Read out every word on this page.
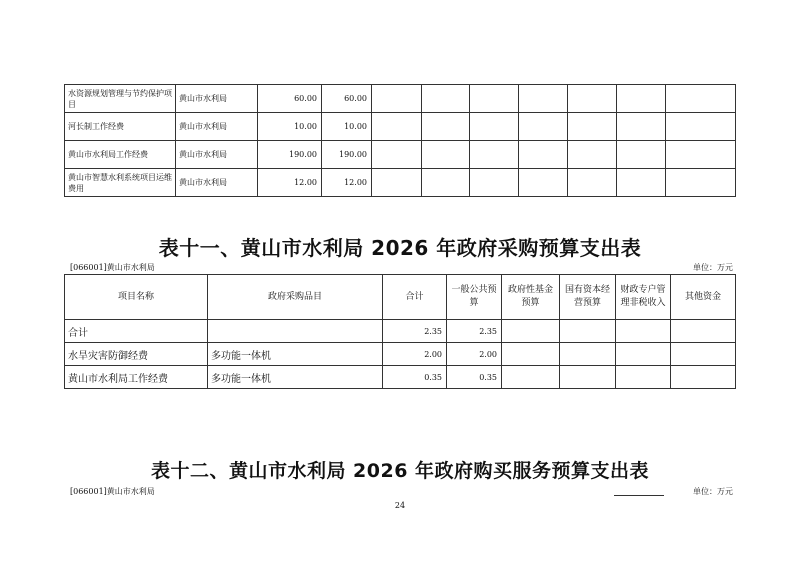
水资源规划管理与节约保护项目	黄山市水利局	60.00	60.00							
河长制工作经费	黄山市水利局	10.00	10.00							
黄山市水利局工作经费	黄山市水利局	190.00	190.00							
黄山市智慧水利系统项目运维费用	黄山市水利局	12.00	12.00							
表十一、黄山市水利局 2026 年政府采购预算支出表
[066001]黄山市水利局	单位：万元
项目名称	政府采购品目	合计	一般公共预算	政府性基金预算	国有资本经营预算	财政专户管理非税收入	其他资金
合计		2.35	2.35				
水旱灾害防御经费	多功能一体机	2.00	2.00				
黄山市水利局工作经费	多功能一体机	0.35	0.35				
表十二、黄山市水利局 2026 年政府购买服务预算支出表
[066001]黄山市水利局	单位：万元
24
